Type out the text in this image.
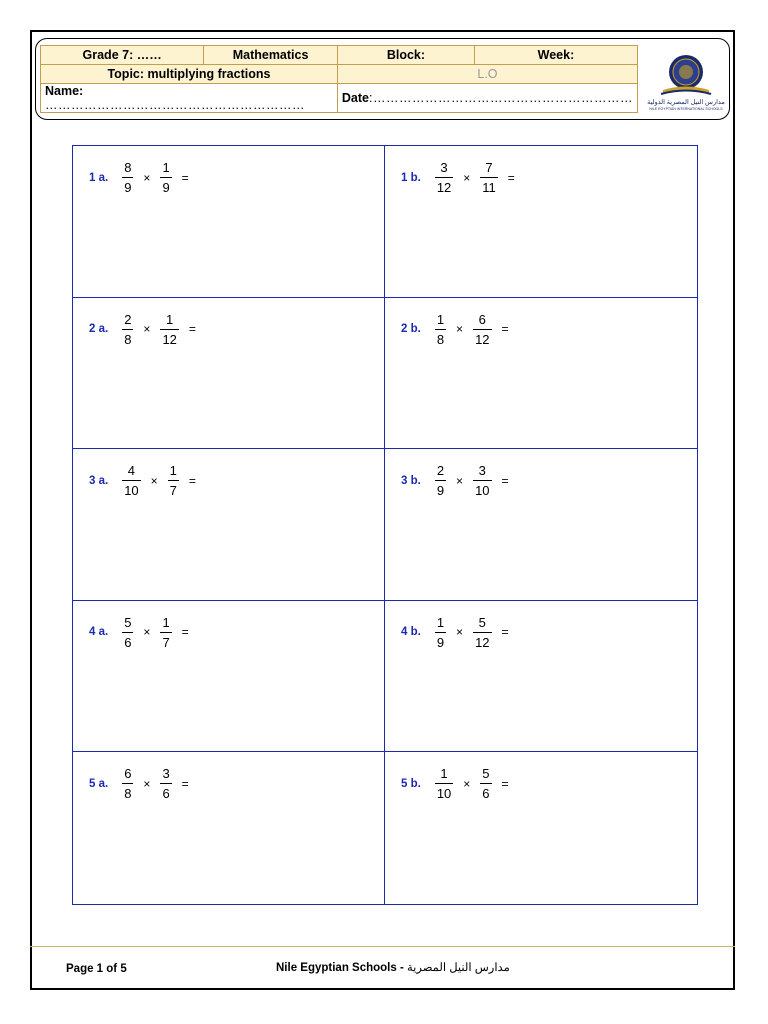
Grade 7: ……	Mathematics	Block:	Week:
Topic: multiplying fractions		L.O	
Name: ……………………………………………………		Date:……………………………………………………		مدارس النيل المصرية الدولية
NILE EGYPTIAN INTERNATIONAL SCHOOLS
1 a. $\frac{8}{9} \times \frac{1}{9}$ =	1 b. $\frac{3}{12} \times \frac{7}{11}$ =
2 a. $\frac{2}{8} \times \frac{1}{12}$ =	2 b. $\frac{1}{8} \times \frac{6}{12}$ =
3 a. $\frac{4}{10} \times \frac{1}{7}$ =	3 b. $\frac{2}{9} \times \frac{3}{10}$ =
4 a. $\frac{5}{6} \times \frac{1}{7}$ =	4 b. $\frac{1}{9} \times \frac{5}{12}$ =
5 a. $\frac{6}{8} \times \frac{3}{6}$ =	5 b. $\frac{1}{10} \times \frac{5}{6}$ =
Page 1 of 5	Nile Egyptian Schools - مدارس النيل المصرية
